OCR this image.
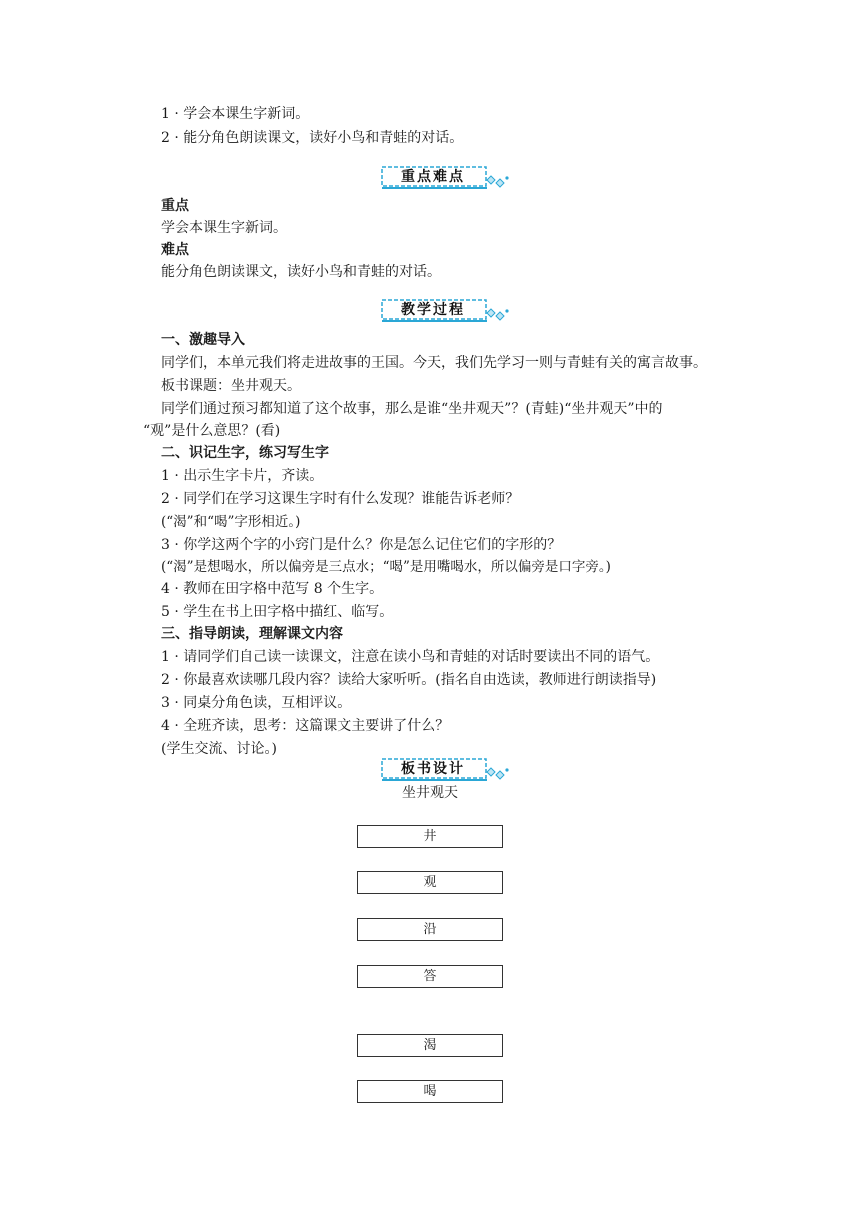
1 · 学会本课生字新词。
2 · 能分角色朗读课文，读好小鸟和青蛙的对话。
重点难点
重点
学会本课生字新词。
难点
能分角色朗读课文，读好小鸟和青蛙的对话。
教学过程
一、激趣导入
同学们，本单元我们将走进故事的王国。今天，我们先学习一则与青蛙有关的寓言故事。
板书课题：坐井观天。
同学们通过预习都知道了这个故事，那么是谁“坐井观天”？(青蛙)“坐井观天”中的
“观”是什么意思？(看)
二、识记生字，练习写生字
1 · 出示生字卡片，齐读。
2 · 同学们在学习这课生字时有什么发现？谁能告诉老师？
(“渴”和“喝”字形相近。)
3 · 你学这两个字的小窍门是什么？你是怎么记住它们的字形的？
(“渴”是想喝水，所以偏旁是三点水；“喝”是用嘴喝水，所以偏旁是口字旁。)
4 · 教师在田字格中范写 8 个生字。
5 · 学生在书上田字格中描红、临写。
三、指导朗读，理解课文内容
1 · 请同学们自己读一读课文，注意在读小鸟和青蛙的对话时要读出不同的语气。
2 · 你最喜欢读哪几段内容？读给大家听听。(指名自由选读，教师进行朗读指导)
3 · 同桌分角色读，互相评议。
4 · 全班齐读，思考：这篇课文主要讲了什么？
(学生交流、讨论。)
板书设计
坐井观天
井
观
沿
答
渴
喝
